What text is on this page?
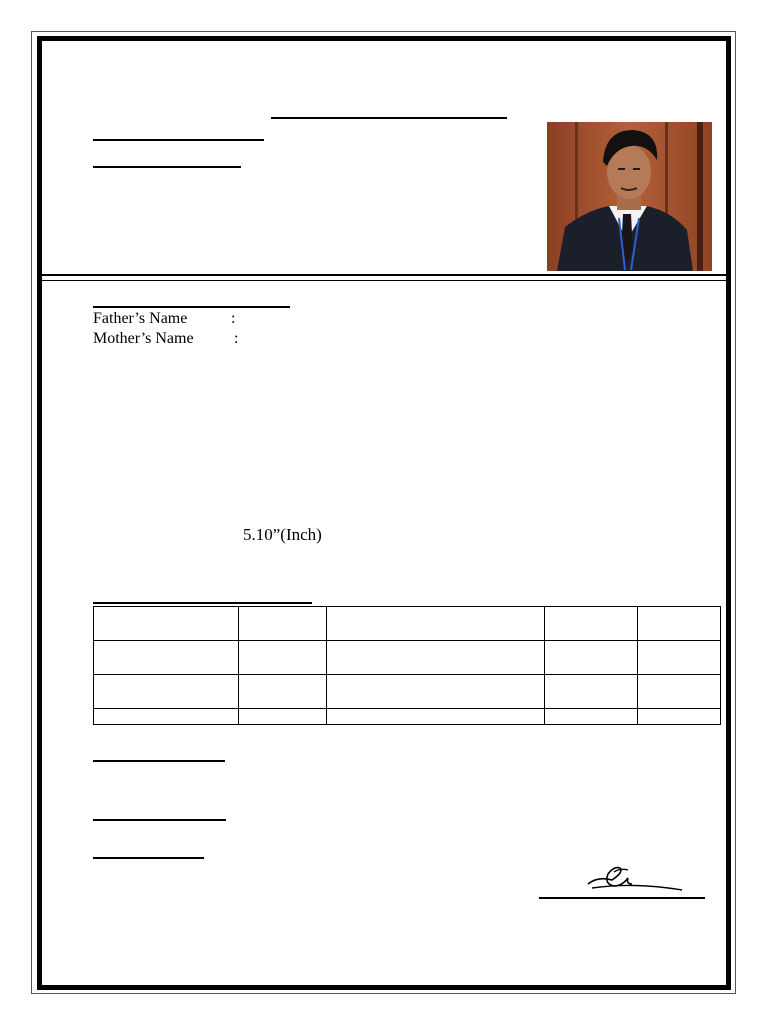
Father’s Name	:
Mother’s Name	:
5.10”(Inch)
